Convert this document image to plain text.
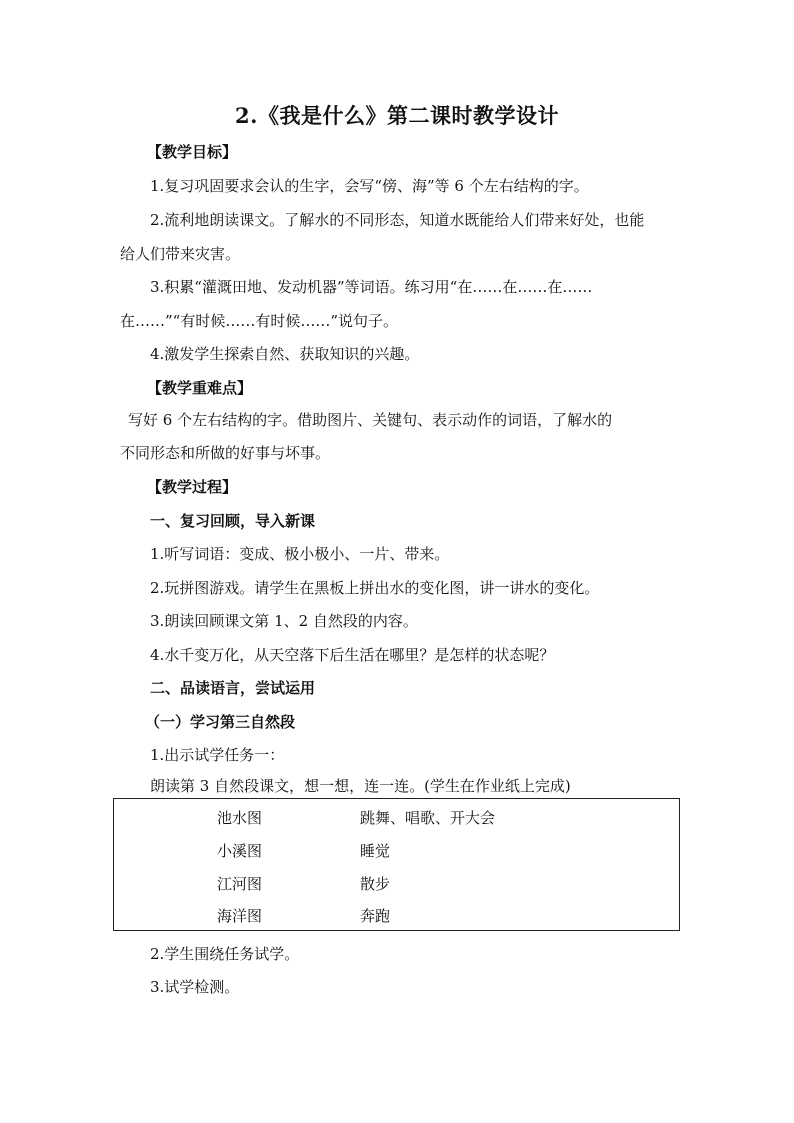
2.《我是什么》第二课时教学设计
【教学目标】
1.复习巩固要求会认的生字，会写“傍、海”等 6 个左右结构的字。
2.流利地朗读课文。了解水的不同形态，知道水既能给人们带来好处，也能
给人们带来灾害。
3.积累“灌溉田地、发动机器”等词语。练习用“在……在……在……
在……”“有时候……有时候……”说句子。
4.激发学生探索自然、获取知识的兴趣。
【教学重难点】
写好 6 个左右结构的字。借助图片、关键句、表示动作的词语，了解水的
不同形态和所做的好事与坏事。
【教学过程】
一、复习回顾，导入新课
1.听写词语：变成、极小极小、一片、带来。
2.玩拼图游戏。请学生在黑板上拼出水的变化图，讲一讲水的变化。
3.朗读回顾课文第 1、2 自然段的内容。
4.水千变万化，从天空落下后生活在哪里？是怎样的状态呢？
二、品读语言，尝试运用
（一）学习第三自然段
1.出示试学任务一：
朗读第 3 自然段课文，想一想，连一连。(学生在作业纸上完成)
池水图	跳舞、唱歌、开大会
小溪图	睡觉
江河图	散步
海洋图	奔跑
2.学生围绕任务试学。
3.试学检测。
